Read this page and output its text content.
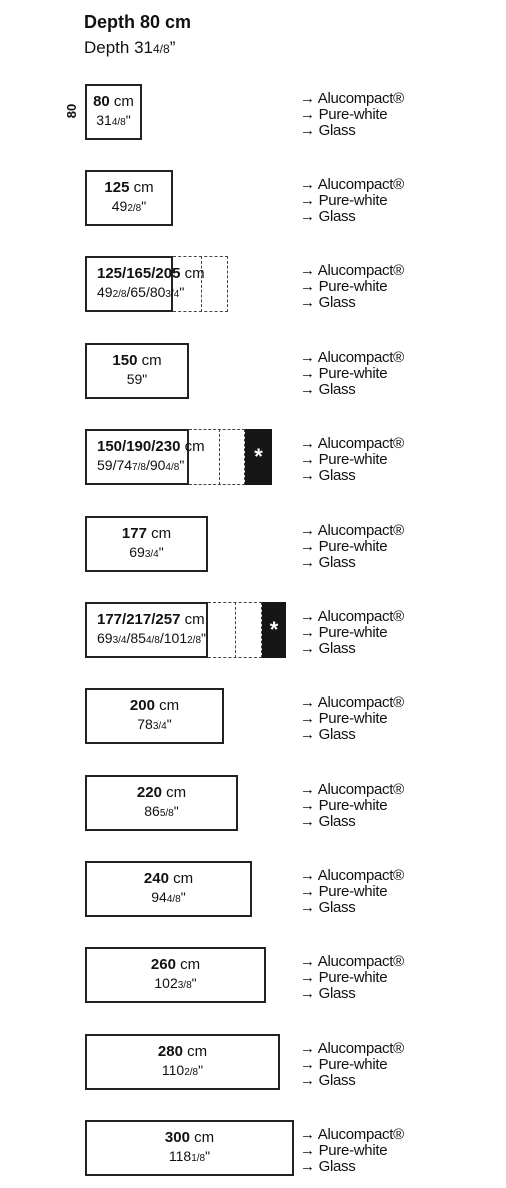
Depth 80 cm
Depth 314/8”
80
80 cm
314/8"
→ Alucompact®
→ Pure-white
→ Glass
125 cm
492/8"
→ Alucompact®
→ Pure-white
→ Glass
125/165/205 cm
492/8/65/803/4"
→ Alucompact®
→ Pure-white
→ Glass
150 cm
59"
→ Alucompact®
→ Pure-white
→ Glass
150/190/230 cm
59/747/8/904/8"	*
→ Alucompact®
→ Pure-white
→ Glass
177 cm
693/4"
→ Alucompact®
→ Pure-white
→ Glass
177/217/257 cm
693/4/854/8/1012/8"	*
→ Alucompact®
→ Pure-white
→ Glass
200 cm
783/4"
→ Alucompact®
→ Pure-white
→ Glass
220 cm
865/8"
→ Alucompact®
→ Pure-white
→ Glass
240 cm
944/8"
→ Alucompact®
→ Pure-white
→ Glass
260 cm
1023/8"
→ Alucompact®
→ Pure-white
→ Glass
280 cm
1102/8"
→ Alucompact®
→ Pure-white
→ Glass
300 cm
1181/8"
→ Alucompact®
→ Pure-white
→ Glass
